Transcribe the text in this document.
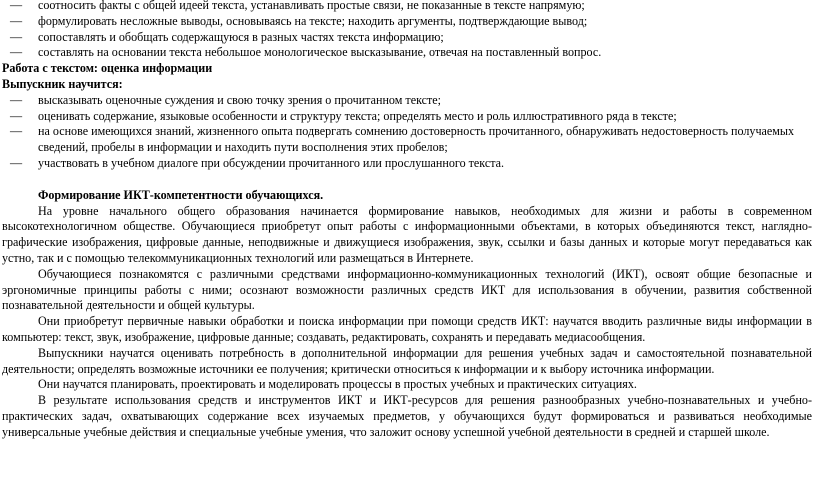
— соотносить факты с общей идеей текста, устанавливать простые связи, не показанные в тексте напрямую;
— формулировать несложные выводы, основываясь на тексте; находить аргументы, подтверждающие вывод;
— сопоставлять и обобщать содержащуюся в разных частях текста информацию;
— составлять на основании текста небольшое монологическое высказывание, отвечая на поставленный вопрос.
Работа с текстом: оценка информации
Выпускник научится:
— высказывать оценочные суждения и свою точку зрения о прочитанном тексте;
— оценивать содержание, языковые особенности и структуру текста; определять место и роль иллюстративного ряда в тексте;
— на основе имеющихся знаний, жизненного опыта подвергать сомнению достоверность прочитанного, обнаруживать недостоверность получаемых сведений, пробелы в информации и находить пути восполнения этих пробелов;
— участвовать в учебном диалоге при обсуждении прочитанного или прослушанного текста.
Формирование ИКТ-компетентности обучающихся.
На уровне начального общего образования начинается формирование навыков, необходимых для жизни и работы в современном высокотехнологичном обществе. Обучающиеся приобретут опыт работы с информационными объектами, в которых объединяются текст, наглядно-графические изображения, цифровые данные, неподвижные и движущиеся изображения, звук, ссылки и базы данных и которые могут передаваться как устно, так и с помощью телекоммуникационных технологий или размещаться в Интернете.
Обучающиеся познакомятся с различными средствами информационно-коммуникационных технологий (ИКТ), освоят общие безопасные и эргономичные принципы работы с ними; осознают возможности различных средств ИКТ для использования в обучении, развития собственной познавательной деятельности и общей культуры.
Они приобретут первичные навыки обработки и поиска информации при помощи средств ИКТ: научатся вводить различные виды информации в компьютер: текст, звук, изображение, цифровые данные; создавать, редактировать, сохранять и передавать медиасообщения.
Выпускники научатся оценивать потребность в дополнительной информации для решения учебных задач и самостоятельной познавательной деятельности; определять возможные источники ее получения; критически относиться к информации и к выбору источника информации.
Они научатся планировать, проектировать и моделировать процессы в простых учебных и практических ситуациях.
В результате использования средств и инструментов ИКТ и ИКТ-ресурсов для решения разнообразных учебно-познавательных и учебно-практических задач, охватывающих содержание всех изучаемых предметов, у обучающихся будут формироваться и развиваться необходимые универсальные учебные действия и специальные учебные умения, что заложит основу успешной учебной деятельности в средней и старшей школе.
